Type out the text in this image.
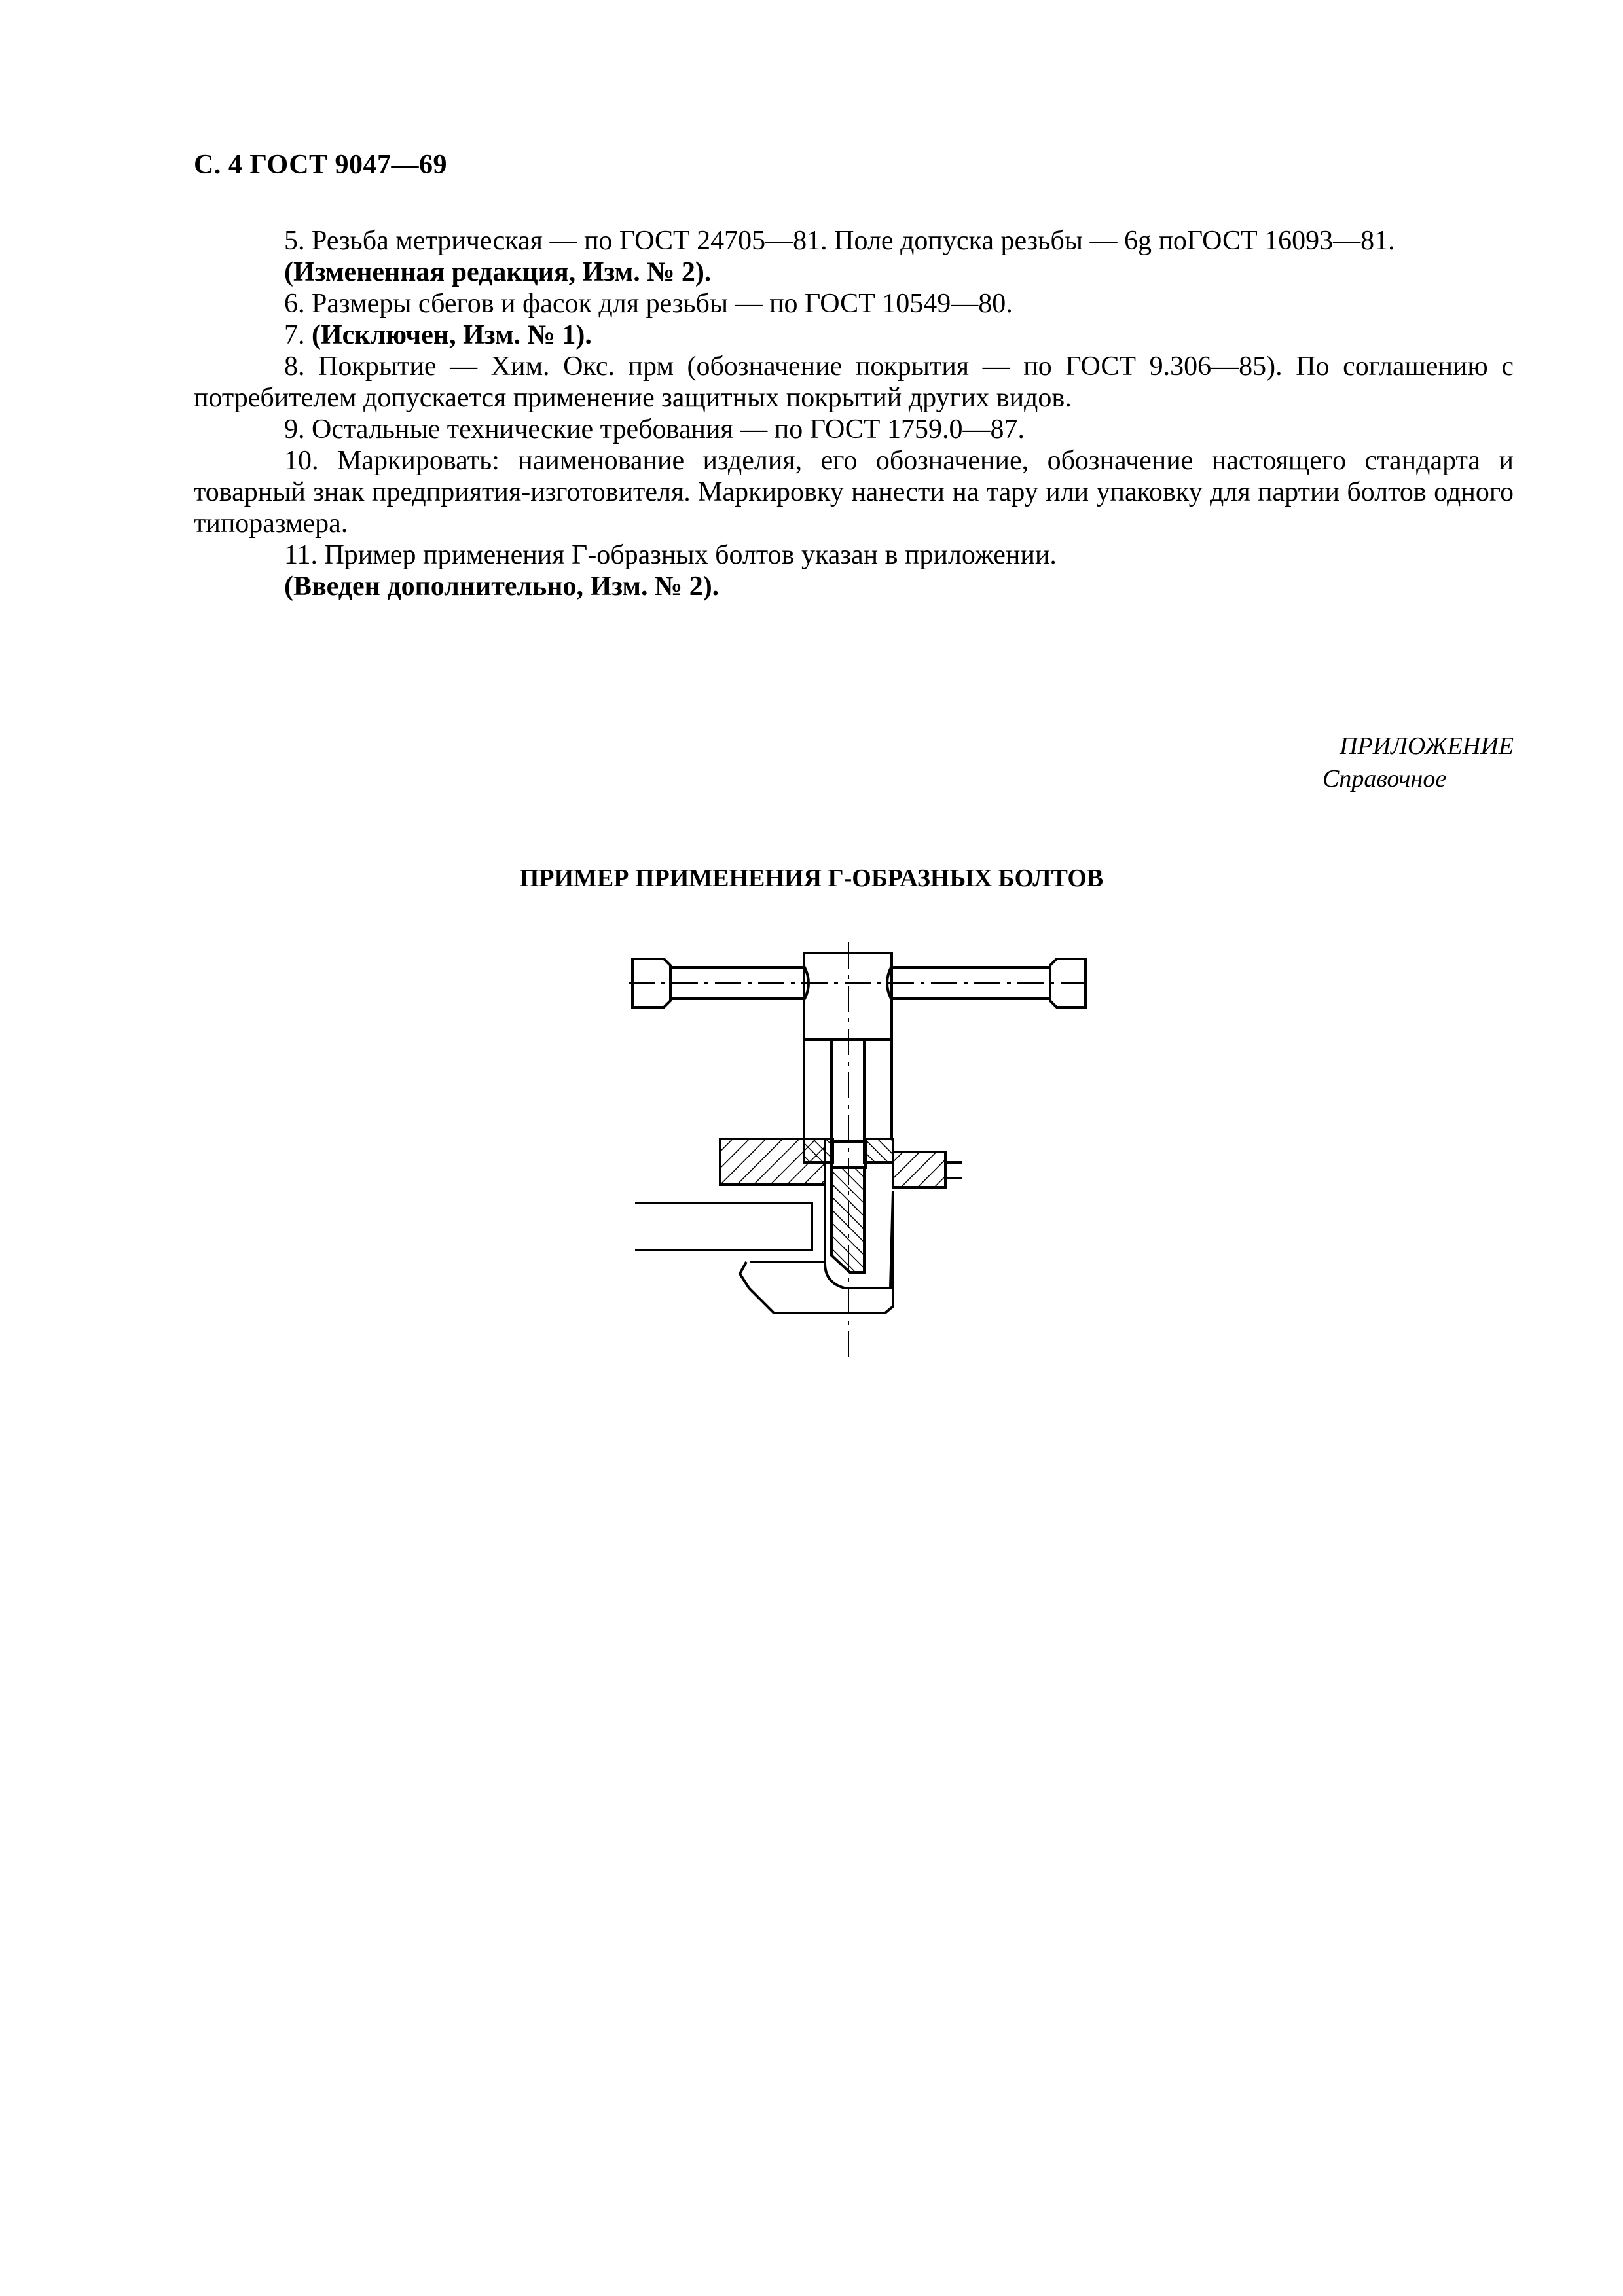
С. 4 ГОСТ 9047—69

5. Резьба метрическая — по ГОСТ 24705—81. Поле допуска резьбы — 6g поГОСТ 16093—81.

(Измененная редакция, Изм. № 2).

6. Размеры сбегов и фасок для резьбы — по ГОСТ 10549—80.

7. (Исключен, Изм. № 1).

8. Покрытие — Хим. Окс. прм (обозначение покрытия — по ГОСТ 9.306—85). По соглашению с потребителем допускается применение защитных покрытий других видов.

9. Остальные технические требования — по ГОСТ 1759.0—87.

10. Маркировать: наименование изделия, его обозначение, обозначение настоящего стандарта и товарный знак предприятия-изготовителя. Маркировку нанести на тару или упаковку для партии болтов одного типоразмера.

11. Пример применения Г-образных болтов указан в приложении.

(Введен дополнительно, Изм. № 2).

ПРИЛОЖЕНИЕ
Справочное
ПРИМЕР ПРИМЕНЕНИЯ Г-ОБРАЗНЫХ БОЛТОВ
